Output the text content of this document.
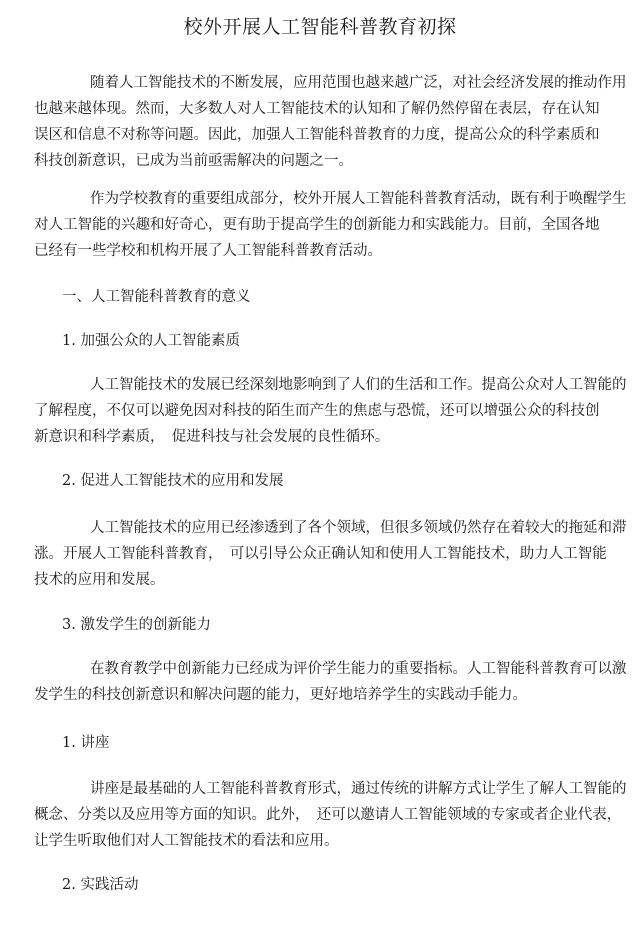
校外开展人工智能科普教育初探

随着人工智能技术的不断发展，应用范围也越来越广泛，对社会经济发展的推动作用
也越来越体现。然而，大多数人对人工智能技术的认知和了解仍然停留在表层，存在认知
误区和信息不对称等问题。因此，加强人工智能科普教育的力度，提高公众的科学素质和
科技创新意识，已成为当前亟需解决的问题之一。

作为学校教育的重要组成部分，校外开展人工智能科普教育活动，既有利于唤醒学生
对人工智能的兴趣和好奇心，更有助于提高学生的创新能力和实践能力。目前，全国各地
已经有一些学校和机构开展了人工智能科普教育活动。

一、人工智能科普教育的意义

1. 加强公众的人工智能素质

人工智能技术的发展已经深刻地影响到了人们的生活和工作。提高公众对人工智能的
了解程度，不仅可以避免因对科技的陌生而产生的焦虑与恐慌，还可以增强公众的科技创
新意识和科学素质，　促进科技与社会发展的良性循环。

2. 促进人工智能技术的应用和发展

人工智能技术的应用已经渗透到了各个领域，但很多领域仍然存在着较大的拖延和滞
涨。开展人工智能科普教育，　可以引导公众正确认知和使用人工智能技术，助力人工智能
技术的应用和发展。

3. 激发学生的创新能力

在教育教学中创新能力已经成为评价学生能力的重要指标。人工智能科普教育可以激
发学生的科技创新意识和解决问题的能力，更好地培养学生的实践动手能力。

1. 讲座

讲座是最基础的人工智能科普教育形式，通过传统的讲解方式让学生了解人工智能的
概念、分类以及应用等方面的知识。此外，　还可以邀请人工智能领域的专家或者企业代表，
让学生听取他们对人工智能技术的看法和应用。

2. 实践活动
